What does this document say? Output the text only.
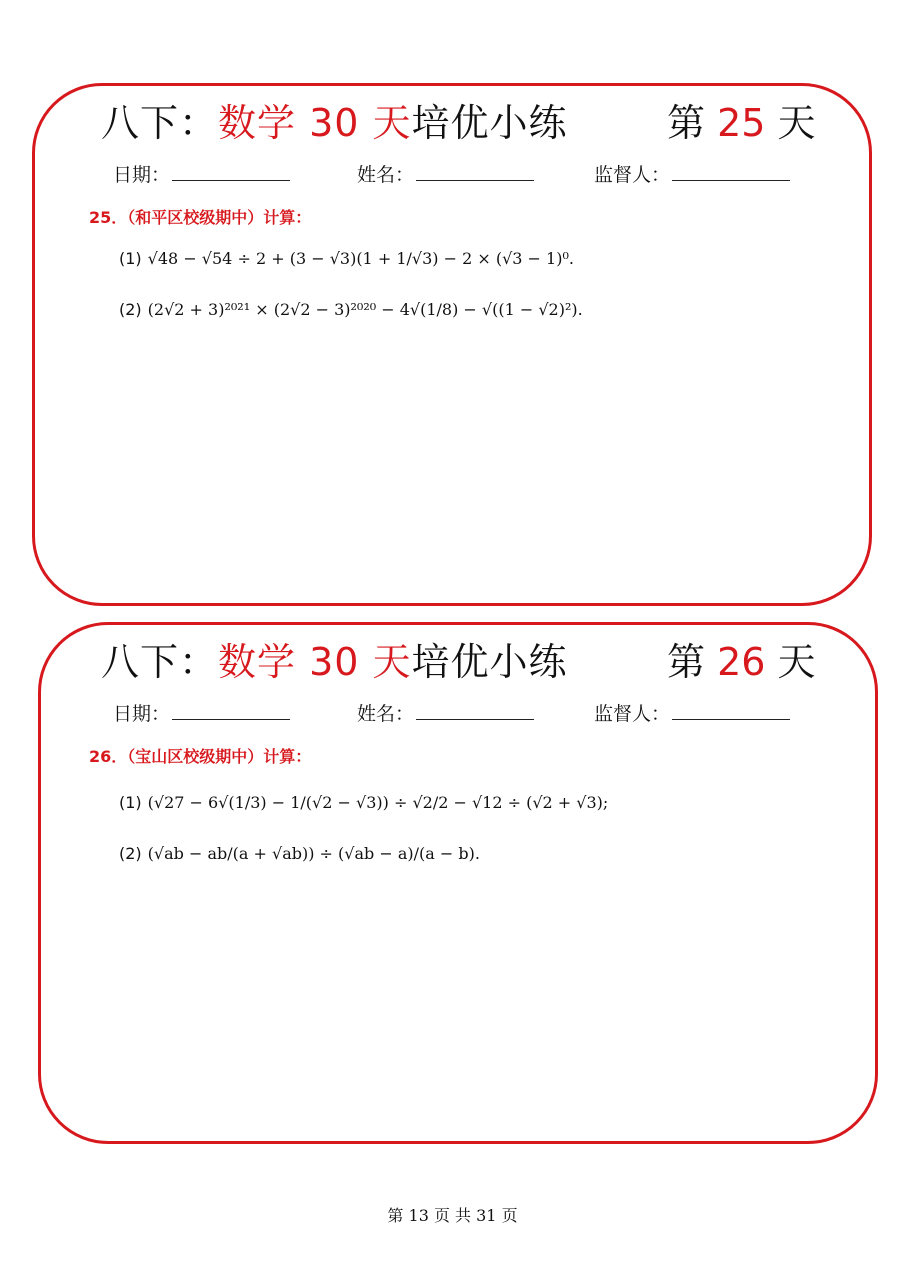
八下：数学 30 天培优小练	第 25 天
日期：	姓名：	监督人：
25．（和平区校级期中）计算：
(1) √48 − √54 ÷ 2 + (3 − √3)(1 + 1/√3) − 2 × (√3 − 1)⁰.
(2) (2√2 + 3)²⁰²¹ × (2√2 − 3)²⁰²⁰ − 4√(1/8) − √((1 − √2)²).
八下：数学 30 天培优小练	第 26 天
日期：	姓名：	监督人：
26．（宝山区校级期中）计算：
(1) (√27 − 6√(1/3) − 1/(√2 − √3)) ÷ √2/2 − √12 ÷ (√2 + √3);
(2) (√ab − ab/(a + √ab)) ÷ (√ab − a)/(a − b).
第 13 页 共 31 页
